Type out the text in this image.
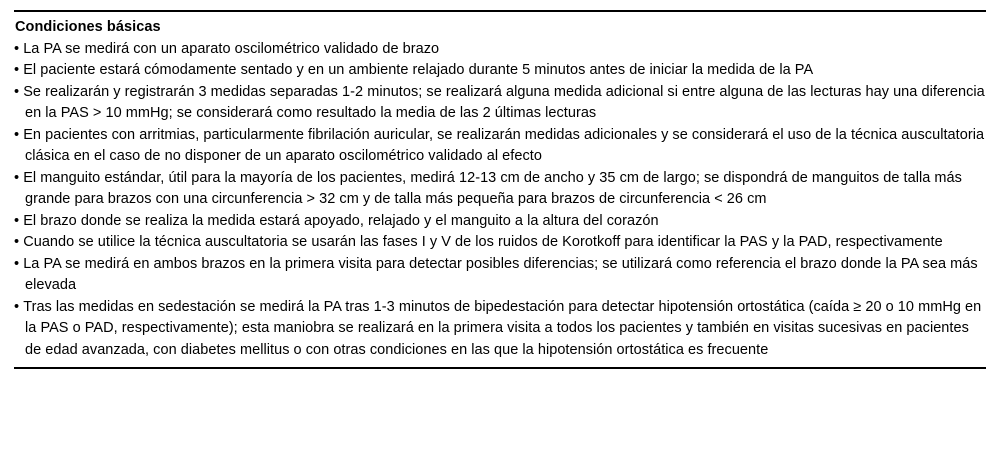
Condiciones básicas
• La PA se medirá con un aparato oscilométrico validado de brazo
• El paciente estará cómodamente sentado y en un ambiente relajado durante 5 minutos antes de iniciar la medida de la PA
• Se realizarán y registrarán 3 medidas separadas 1-2 minutos; se realizará alguna medida adicional si entre alguna de las lecturas hay una diferencia en la PAS > 10 mmHg; se considerará como resultado la media de las 2 últimas lecturas
• En pacientes con arritmias, particularmente fibrilación auricular, se realizarán medidas adicionales y se considerará el uso de la técnica auscultatoria clásica en el caso de no disponer de un aparato oscilométrico validado al efecto
• El manguito estándar, útil para la mayoría de los pacientes, medirá 12-13 cm de ancho y 35 cm de largo; se dispondrá de manguitos de talla más grande para brazos con una circunferencia > 32 cm y de talla más pequeña para brazos de circunferencia < 26 cm
• El brazo donde se realiza la medida estará apoyado, relajado y el manguito a la altura del corazón
• Cuando se utilice la técnica auscultatoria se usarán las fases I y V de los ruidos de Korotkoff para identificar la PAS y la PAD, respectivamente
• La PA se medirá en ambos brazos en la primera visita para detectar posibles diferencias; se utilizará como referencia el brazo donde la PA sea más elevada
• Tras las medidas en sedestación se medirá la PA tras 1-3 minutos de bipedestación para detectar hipotensión ortostática (caída ≥ 20 o 10 mmHg en la PAS o PAD, respectivamente); esta maniobra se realizará en la primera visita a todos los pacientes y también en visitas sucesivas en pacientes de edad avanzada, con diabetes mellitus o con otras condiciones en las que la hipotensión ortostática es frecuente
